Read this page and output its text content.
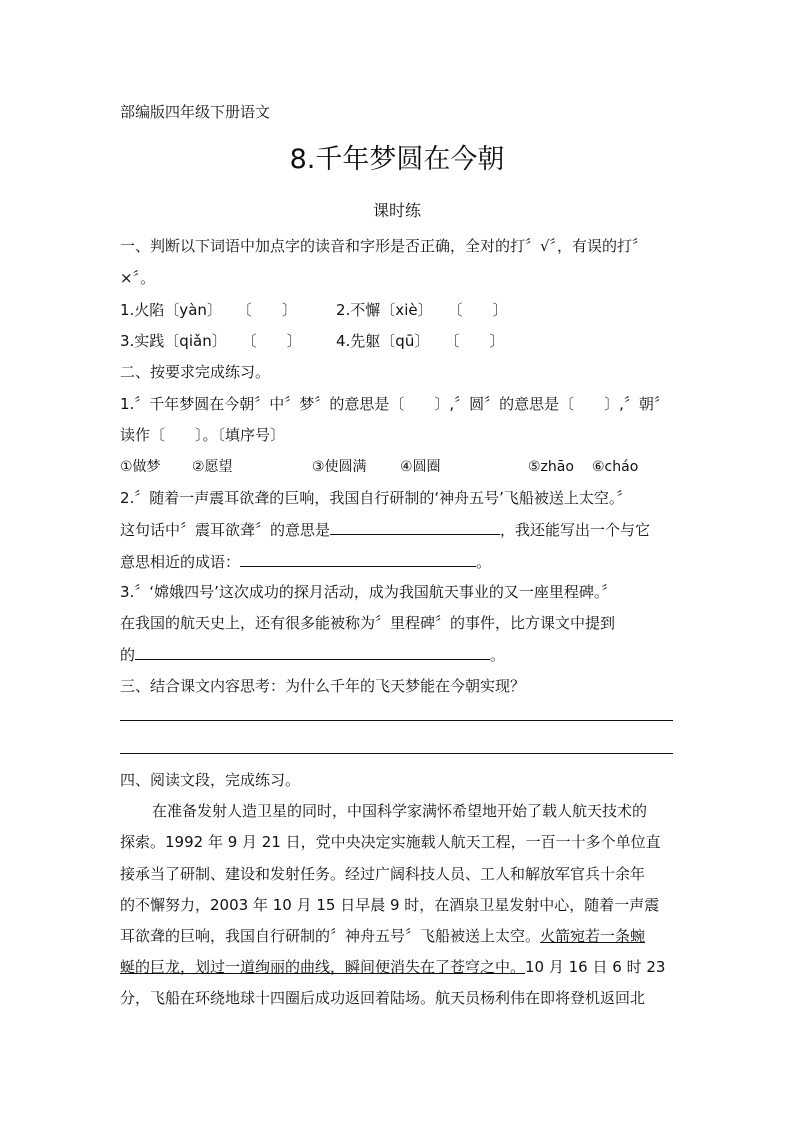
部编版四年级下册语文
8.千年梦圆在今朝
课时练
一、判断以下词语中加点字的读音和字形是否正确，全对的打〞√〞，有误的打〞
×〞。
1.火陷〔yàn〕　　〔　　〕	2.不懈〔xiè〕　　〔　　〕
3.实践〔qiǎn〕　　〔　　〕 4.先躯〔qū〕　　〔　　〕
二、按要求完成练习。
1.〞千年梦圆在今朝〞中〞梦〞的意思是〔　　〕,〞圆〞的意思是〔　　〕,〞朝〞
读作〔　　〕。〔填序号〕
①做梦 ②愿望	③使圆满 ④圆圈	⑤zhāo ⑥cháo
2.〞随着一声震耳欲聋的巨响，我国自行研制的‘神舟五号’飞船被送上太空。〞
这句话中〞震耳欲聋〞的意思是	，我还能写出一个与它
意思相近的成语：	。
3.〞‘嫦娥四号’这次成功的探月活动，成为我国航天事业的又一座里程碑。〞
在我国的航天史上，还有很多能被称为〞里程碑〞的事件，比方课文中提到
的	。
三、结合课文内容思考：为什么千年的飞天梦能在今朝实现？
四、阅读文段，完成练习。
在准备发射人造卫星的同时，中国科学家满怀希望地开始了载人航天技术的
探索。1992 年 9 月 21 日，党中央决定实施载人航天工程，一百一十多个单位直
接承当了研制、建设和发射任务。经过广阔科技人员、工人和解放军官兵十余年
的不懈努力，2003 年 10 月 15 日早晨 9 时，在酒泉卫星发射中心，随着一声震
耳欲聋的巨响，我国自行研制的〞神舟五号〞飞船被送上太空。火箭宛若一条蜿
蜒的巨龙，划过一道绚丽的曲线，瞬间便消失在了苍穹之中。10 月 16 日 6 时 23
分，飞船在环绕地球十四圈后成功返回着陆场。航天员杨利伟在即将登机返回北
